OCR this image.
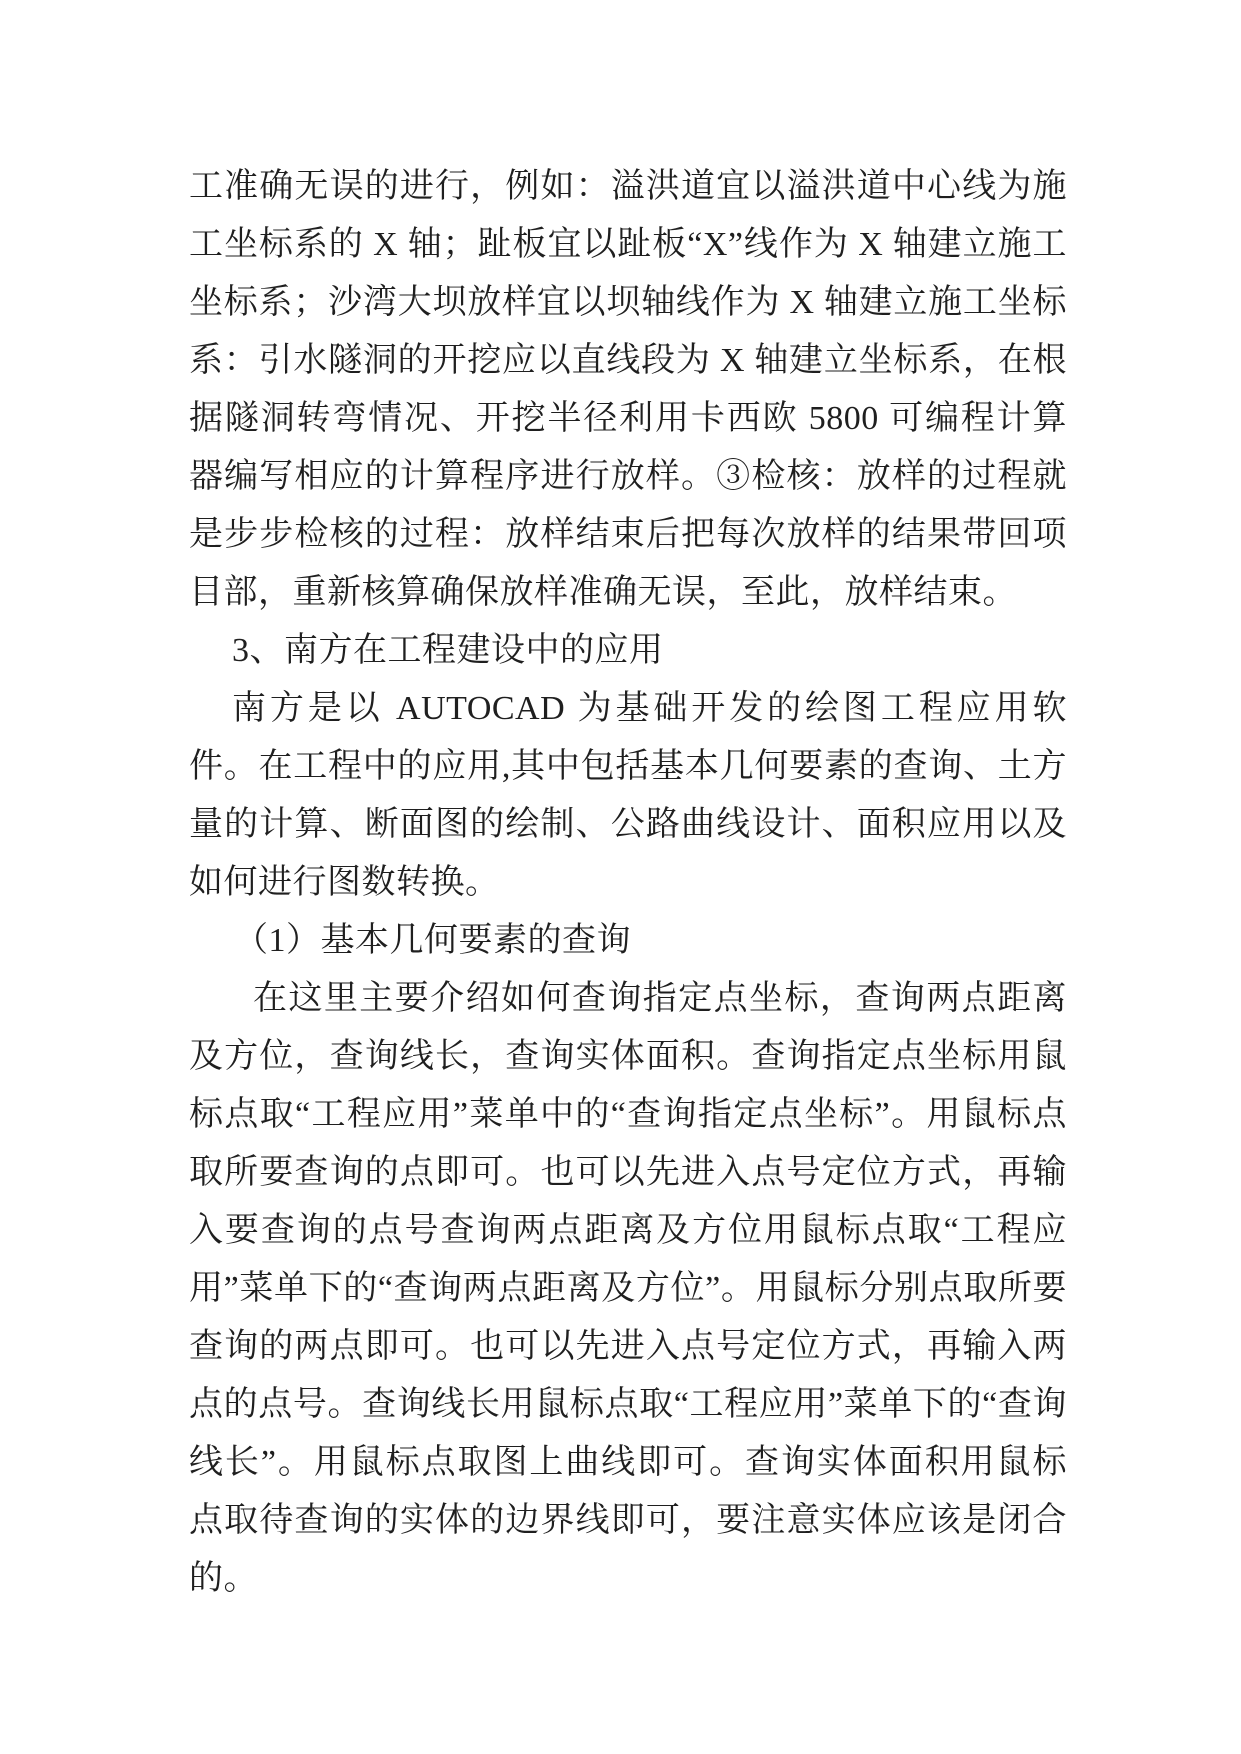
工准确无误的进行，例如：溢洪道宜以溢洪道中心线为施工坐标系的 X 轴；趾板宜以趾板“X”线作为 X 轴建立施工坐标系；沙湾大坝放样宜以坝轴线作为 X 轴建立施工坐标系：引水隧洞的开挖应以直线段为 X 轴建立坐标系，在根据隧洞转弯情况、开挖半径利用卡西欧 5800 可编程计算器编写相应的计算程序进行放样。③检核：放样的过程就是步步检核的过程：放样结束后把每次放样的结果带回项目部，重新核算确保放样准确无误，至此，放样结束。

3、南方在工程建设中的应用

南方是以 AUTOCAD 为基础开发的绘图工程应用软件。在工程中的应用,其中包括基本几何要素的查询、土方量的计算、断面图的绘制、公路曲线设计、面积应用以及如何进行图数转换。

（1）基本几何要素的查询

在这里主要介绍如何查询指定点坐标，查询两点距离及方位，查询线长，查询实体面积。查询指定点坐标用鼠标点取“工程应用”菜单中的“查询指定点坐标”。用鼠标点取所要查询的点即可。也可以先进入点号定位方式，再输入要查询的点号查询两点距离及方位用鼠标点取“工程应用”菜单下的“查询两点距离及方位”。用鼠标分别点取所要查询的两点即可。也可以先进入点号定位方式，再输入两点的点号。查询线长用鼠标点取“工程应用”菜单下的“查询线长”。用鼠标点取图上曲线即可。查询实体面积用鼠标点取待查询的实体的边界线即可，要注意实体应该是闭合的。
